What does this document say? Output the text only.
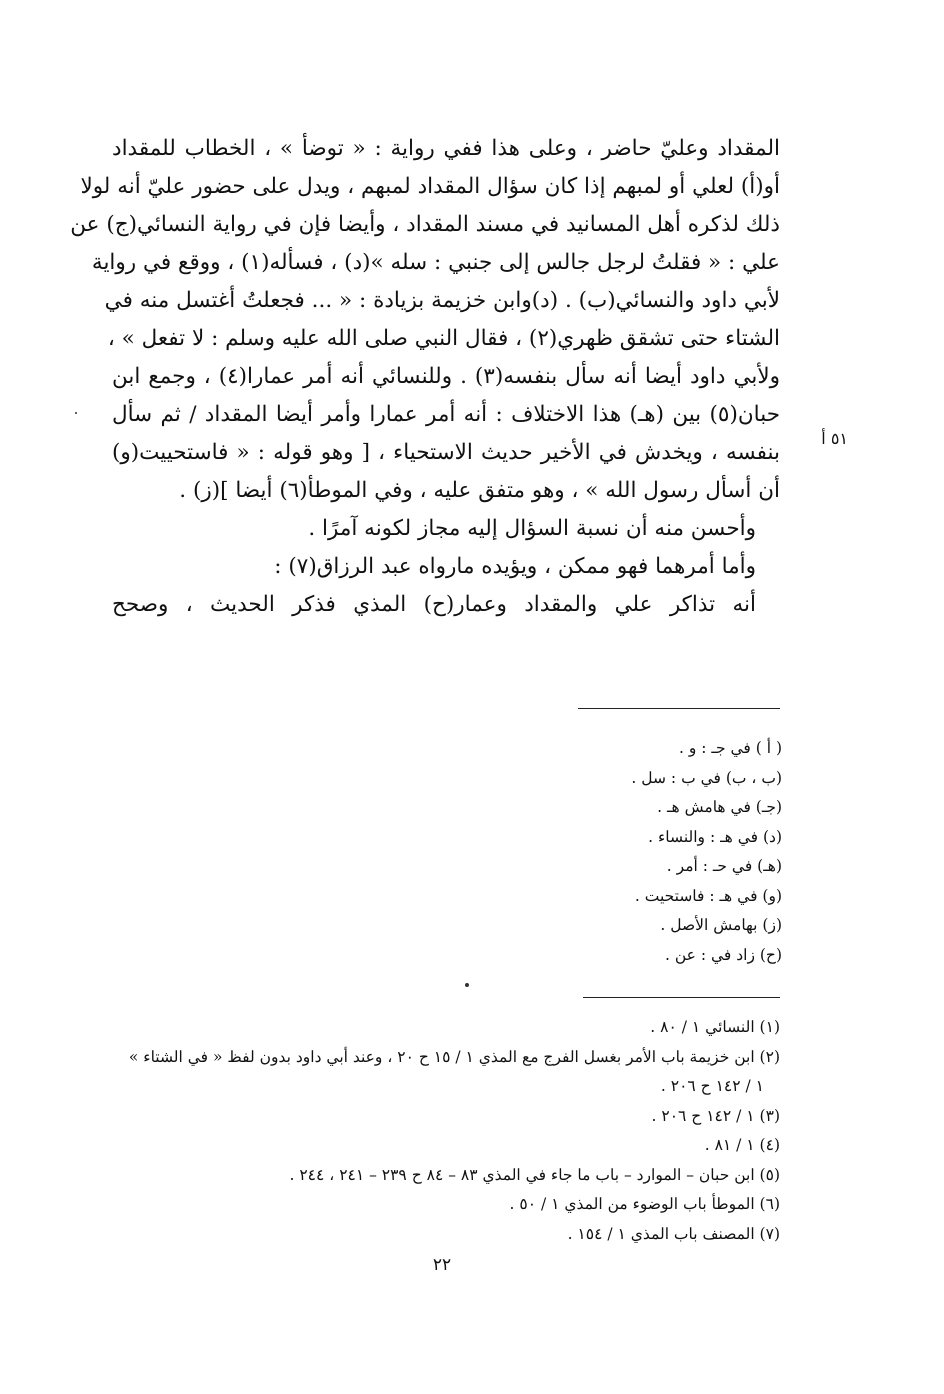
المقداد وعليّ حاضر ، وعلى هذا ففي رواية : « توضأ » ، الخطاب للمقداد
أو(أ) لعلي أو لمبهم إذا كان سؤال المقداد لمبهم ، ويدل على حضور عليّ أنه لولا
ذلك لذكره أهل المسانيد في مسند المقداد ، وأيضا فإن في رواية النسائي(ج) عن
علي : « فقلتُ لرجل جالس إلى جنبي : سله »(د) ، فسأله(١) ، ووقع في رواية
لأبي داود والنسائي(ب) . (د)وابن خزيمة بزيادة : « ... فجعلتُ أغتسل منه في
الشتاء حتى تشقق ظهري(٢) ، فقال النبي صلى الله عليه وسلم : لا تفعل » ،
ولأبي داود أيضا أنه سأل بنفسه(٣) . وللنسائي أنه أمر عمارا(٤) ، وجمع ابن
حبان(٥) بين (هـ) هذا الاختلاف : أنه أمر عمارا وأمر أيضا المقداد / ثم سأل
بنفسه ، ويخدش في الأخير حديث الاستحياء ، [ وهو قوله : « فاستحييت(و)
أن أسأل رسول الله » ، وهو متفق عليه ، وفي الموطأ(٦) أيضا ](ز) .
وأحسن منه أن نسبة السؤال إليه مجاز لكونه آمرًا .
وأما أمرهما فهو ممكن ، ويؤيده مارواه عبد الرزاق(٧) :
أنه تذاكر علي والمقداد وعمار(ح) المذي فذكر الحديث ، وصحح
٥١ أ
( أ ) في جـ : و .
(ب ، ب) في ب : سل .
(جـ) في هامش هـ .
(د) في هـ : والنساء .
(هـ) في حـ : أمر .
(و) في هـ : فاستحيت .
(ز) بهامش الأصل .
(ح) زاد في : عن .
(١) النسائي ١ / ٨٠ .
(٢) ابن خزيمة باب الأمر بغسل الفرج مع المذي ١ / ١٥ ح ٢٠ ، وعند أبي داود بدون لفظ « في الشتاء »
١ / ١٤٢ ح ٢٠٦ .
(٣) ١ / ١٤٢ ح ٢٠٦ .
(٤) ١ / ٨١ .
(٥) ابن حبان – الموارد – باب ما جاء في المذي ٨٣ – ٨٤ ح ٢٣٩ – ٢٤١ ، ٢٤٤ .
(٦) الموطأ باب الوضوء من المذي ١ / ٥٠ .
(٧) المصنف باب المذي ١ / ١٥٤ .
٢٢
